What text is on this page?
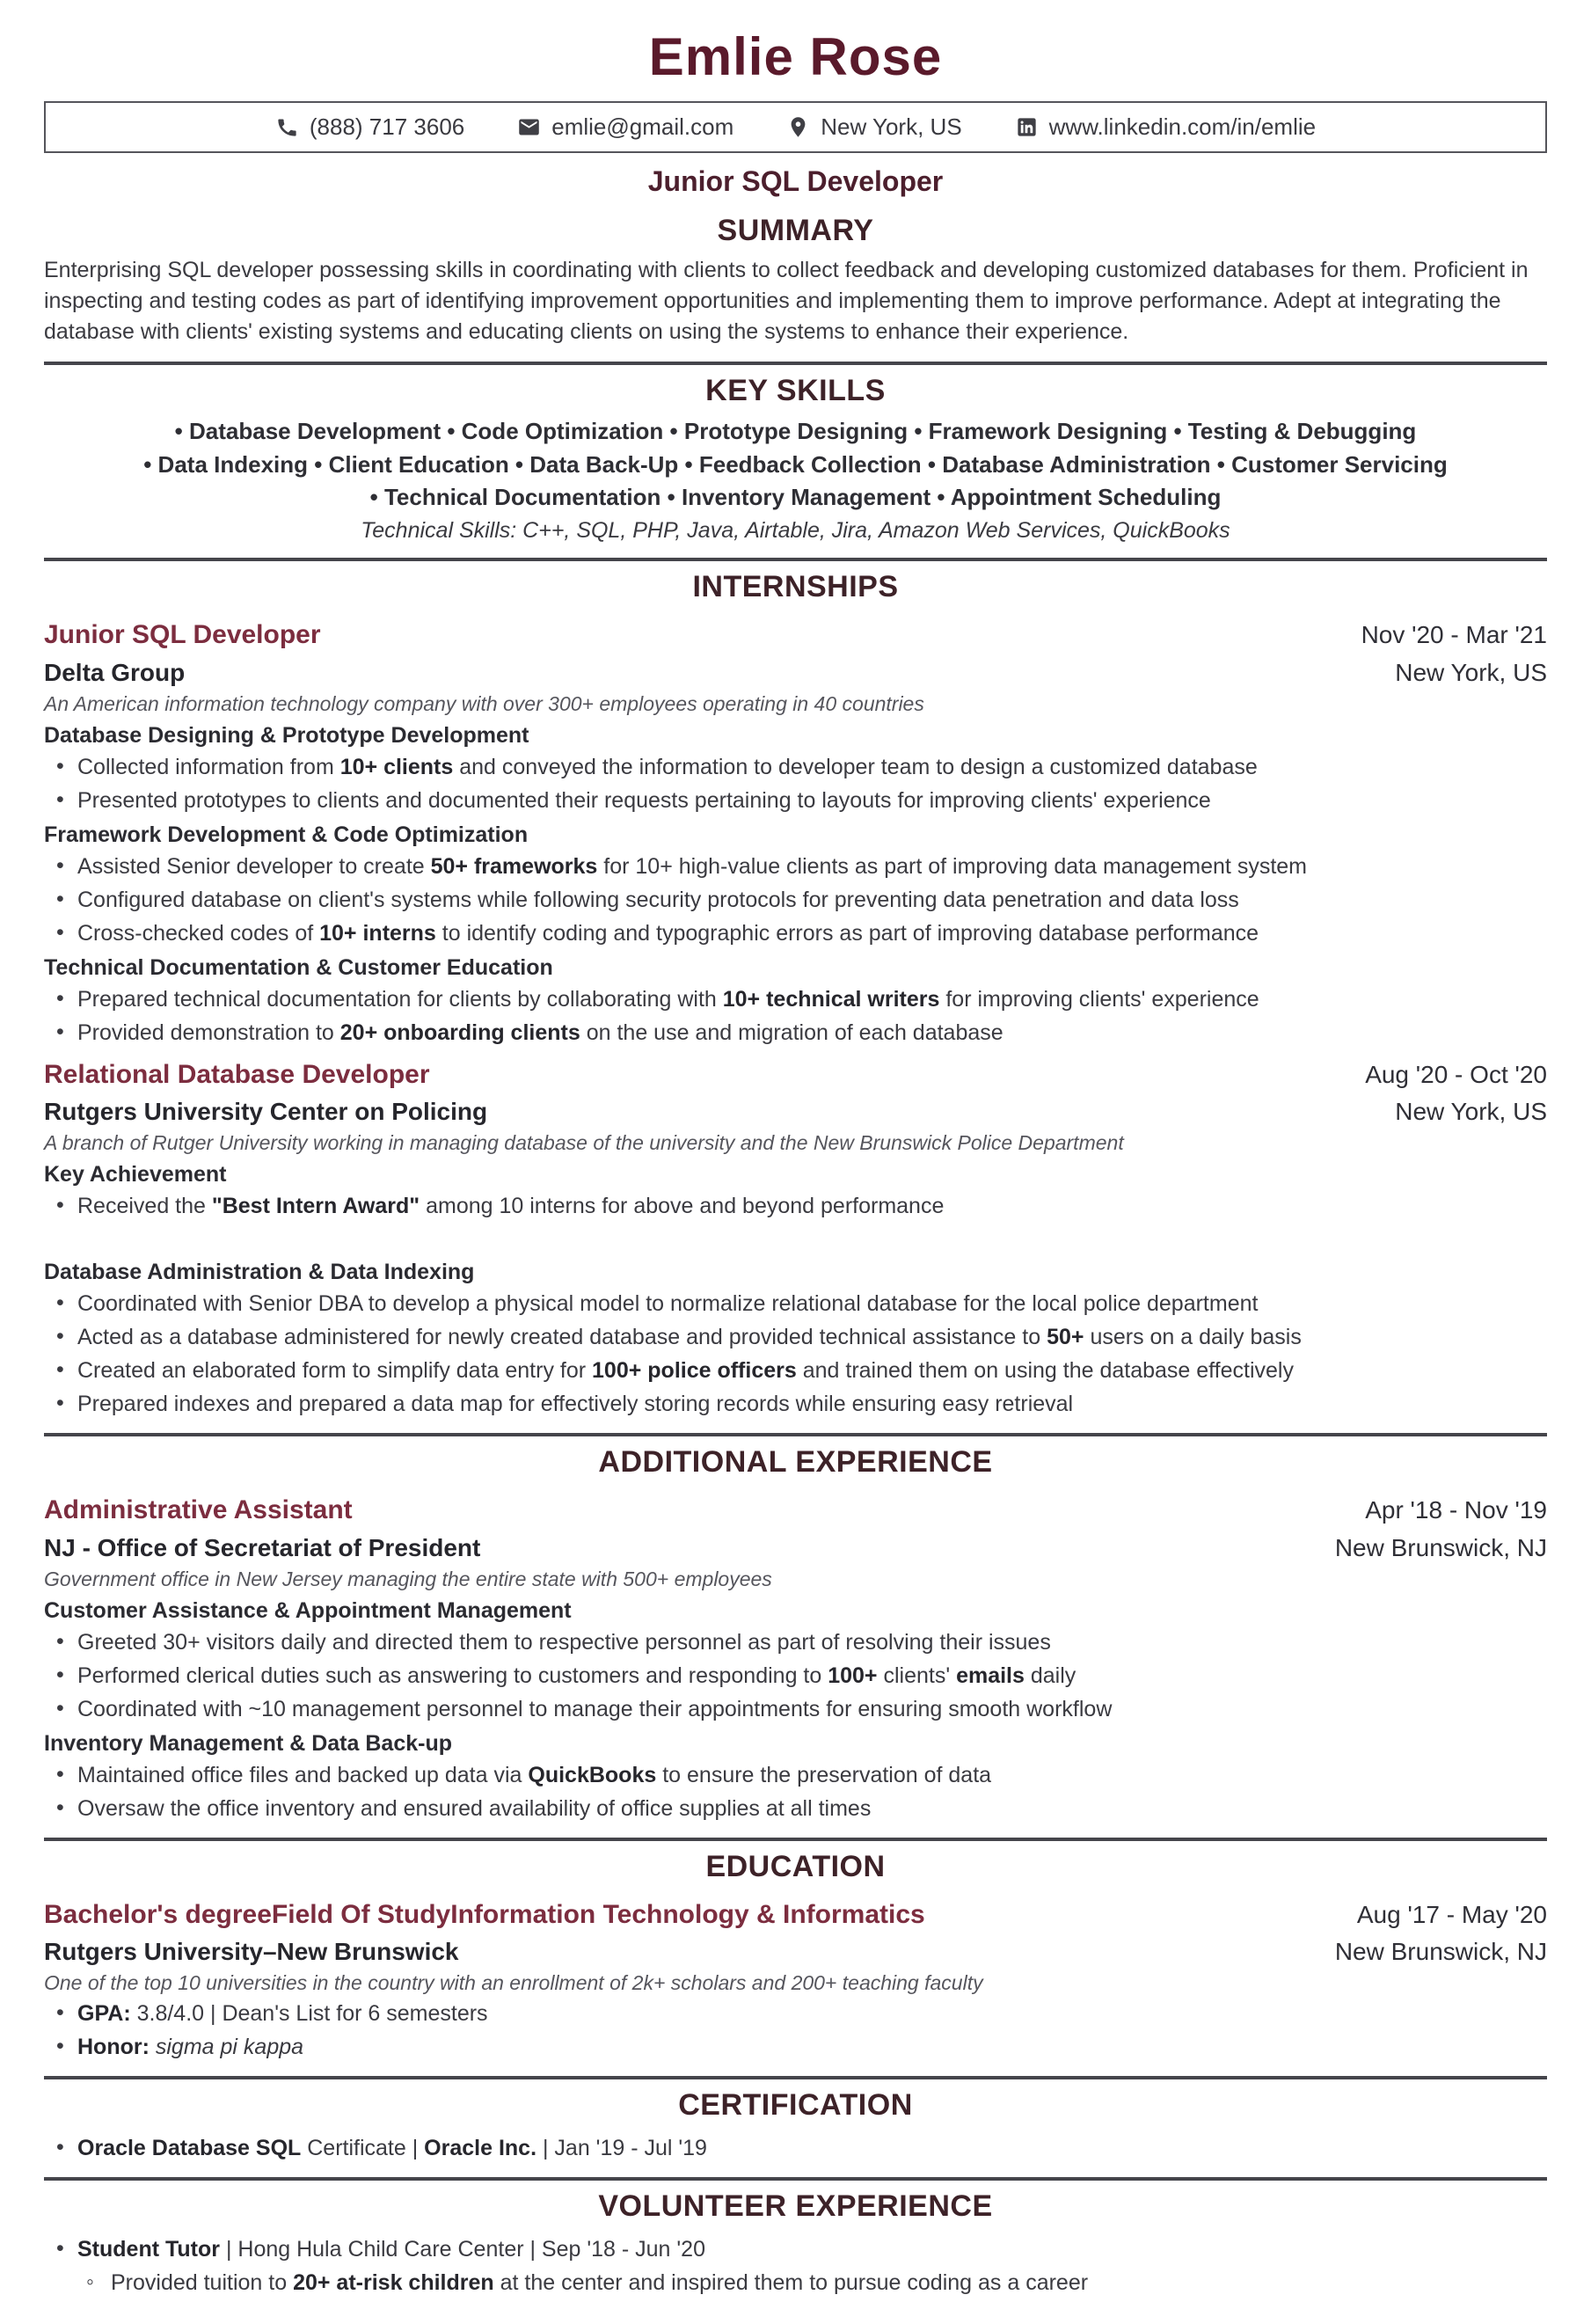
Emlie Rose
(888) 717 3606	emlie@gmail.com	New York, US	www.linkedin.com/in/emlie
Junior SQL Developer
SUMMARY

Enterprising SQL developer possessing skills in coordinating with clients to collect feedback and developing customized databases for them. Proficient in inspecting and testing codes as part of identifying improvement opportunities and implementing them to improve performance. Adept at integrating the database with clients' existing systems and educating clients on using the systems to enhance their experience.

KEY SKILLS
• Database Development • Code Optimization • Prototype Designing • Framework Designing • Testing & Debugging
• Data Indexing • Client Education • Data Back-Up • Feedback Collection • Database Administration • Customer Servicing
• Technical Documentation • Inventory Management • Appointment Scheduling
Technical Skills: C++, SQL, PHP, Java, Airtable, Jira, Amazon Web Services, QuickBooks
INTERNSHIPS
Junior SQL Developer	Nov '20 - Mar '21
Delta Group	New York, US
An American information technology company with over 300+ employees operating in 40 countries
Database Designing & Prototype Development
• Collected information from 10+ clients and conveyed the information to developer team to design a customized database
• Presented prototypes to clients and documented their requests pertaining to layouts for improving clients' experience
Framework Development & Code Optimization
• Assisted Senior developer to create 50+ frameworks for 10+ high-value clients as part of improving data management system
• Configured database on client's systems while following security protocols for preventing data penetration and data loss
• Cross-checked codes of 10+ interns to identify coding and typographic errors as part of improving database performance
Technical Documentation & Customer Education
• Prepared technical documentation for clients by collaborating with 10+ technical writers for improving clients' experience
• Provided demonstration to 20+ onboarding clients on the use and migration of each database
Relational Database Developer	Aug '20 - Oct '20
Rutgers University Center on Policing	New York, US
A branch of Rutger University working in managing database of the university and the New Brunswick Police Department
Key Achievement
• Received the "Best Intern Award" among 10 interns for above and beyond performance
Database Administration & Data Indexing
• Coordinated with Senior DBA to develop a physical model to normalize relational database for the local police department
• Acted as a database administered for newly created database and provided technical assistance to 50+ users on a daily basis
• Created an elaborated form to simplify data entry for 100+ police officers and trained them on using the database effectively
• Prepared indexes and prepared a data map for effectively storing records while ensuring easy retrieval
ADDITIONAL EXPERIENCE
Administrative Assistant	Apr '18 - Nov '19
NJ - Office of Secretariat of President	New Brunswick, NJ
Government office in New Jersey managing the entire state with 500+ employees
Customer Assistance & Appointment Management
• Greeted 30+ visitors daily and directed them to respective personnel as part of resolving their issues
• Performed clerical duties such as answering to customers and responding to 100+ clients' emails daily
• Coordinated with ~10 management personnel to manage their appointments for ensuring smooth workflow
Inventory Management & Data Back-up
• Maintained office files and backed up data via QuickBooks to ensure the preservation of data
• Oversaw the office inventory and ensured availability of office supplies at all times
EDUCATION
Bachelor's degreeField Of StudyInformation Technology & Informatics	Aug '17 - May '20
Rutgers University–New Brunswick	New Brunswick, NJ
One of the top 10 universities in the country with an enrollment of 2k+ scholars and 200+ teaching faculty
• GPA: 3.8/4.0 | Dean's List for 6 semesters
• Honor: sigma pi kappa
CERTIFICATION
• Oracle Database SQL Certificate | Oracle Inc. | Jan '19 - Jul '19
VOLUNTEER EXPERIENCE
• Student Tutor | Hong Hula Child Care Center | Sep '18 - Jun '20
◦ Provided tuition to 20+ at-risk children at the center and inspired them to pursue coding as a career
